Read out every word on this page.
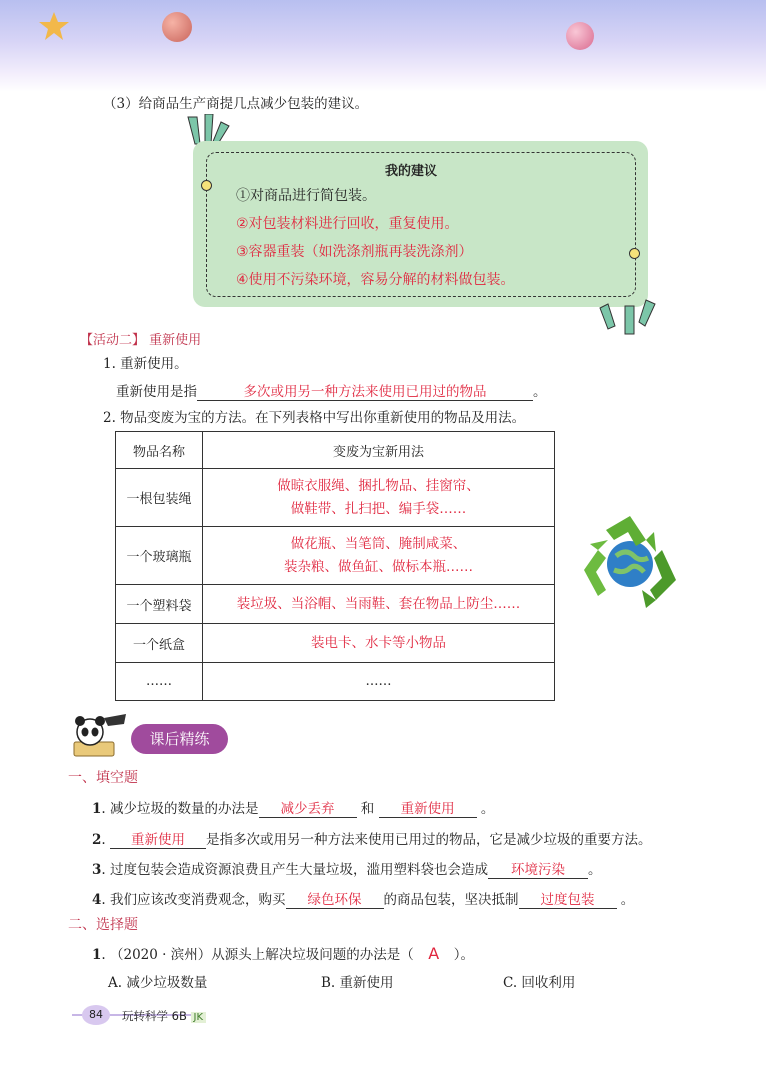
（3）给商品生产商提几点减少包装的建议。
我的建议
①对商品进行简包装。
②对包装材料进行回收，重复使用。
③容器重装（如洗涤剂瓶再装洗涤剂）
④使用不污染环境，容易分解的材料做包装。
【活动二】 重新使用
1. 重新使用。
重新使用是指	多次或用另一种方法来使用已用过的物品	。
2. 物品变废为宝的方法。在下列表格中写出你重新使用的物品及用法。
物品名称	变废为宝新用法
一根包装绳	做晾衣服绳、捆扎物品、挂窗帘、
做鞋带、扎扫把、编手袋……

一个玻璃瓶	做花瓶、当笔筒、腌制咸菜、
装杂粮、做鱼缸、做标本瓶……

一个塑料袋	装垃圾、当浴帽、当雨鞋、套在物品上防尘……

一个纸盒	装电卡、水卡等小物品

……	……
课后精练
一、填空题
1. 减少垃圾的数量的办法是 减少丢弃 和 重新使用 。
2. 重新使用 是指多次或用另一种方法来使用已用过的物品，它是减少垃圾的重要方法。
3. 过度包装会造成资源浪费且产生大量垃圾，滥用塑料袋也会造成 环境污染 。
4. 我们应该改变消费观念，购买 绿色环保 的商品包装，坚决抵制 过度包装 。
二、选择题
1. （2020 · 滨州）从源头上解决垃圾问题的办法是（ A ）。
A. 减少垃圾数量	B. 重新使用	C. 回收利用
84	玩转科学 6B JK
